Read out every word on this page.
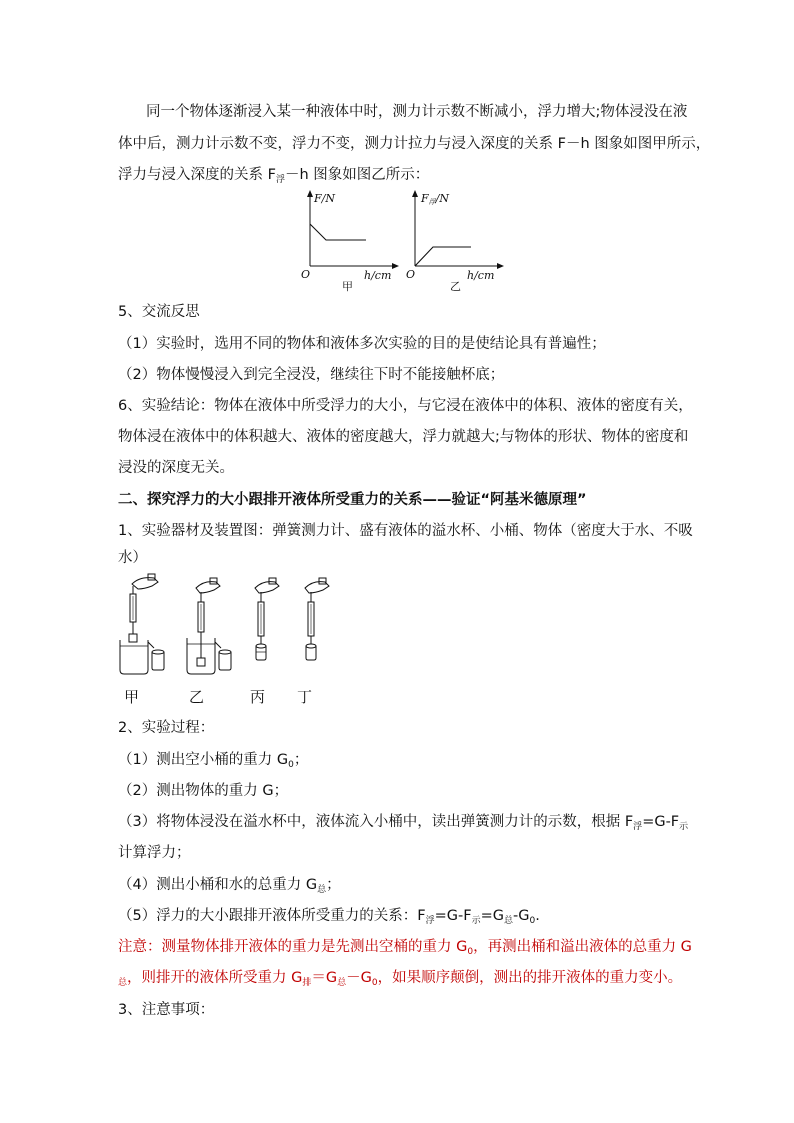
同一个物体逐渐浸入某一种液体中时，测力计示数不断减小，浮力增大;物体浸没在液
体中后，测力计示数不变，浮力不变，测力计拉力与浸入深度的关系 F－h 图象如图甲所示，
浮力与浸入深度的关系 $F_浮-h$ 图象如图乙所示：
F/N
O	h/cm
甲
F浮/N
O	h/cm
乙
5、交流反思
（1）实验时，选用不同的物体和液体多次实验的目的是使结论具有普遍性；
（2）物体慢慢浸入到完全浸没，继续往下时不能接触杯底；
6、实验结论：物体在液体中所受浮力的大小，与它浸在液体中的体积、液体的密度有关，
物体浸在液体中的体积越大、液体的密度越大，浮力就越大;与物体的形状、物体的密度和
浸没的深度无关。
二、探究浮力的大小跟排开液体所受重力的关系——验证“阿基米德原理”
1、实验器材及装置图：弹簧测力计、盛有液体的溢水杯、小桶、物体（密度大于水、不吸
水）
甲	乙	丙 丁
2、实验过程：
（1）测出空小桶的重力 $G_0$；
（2）测出物体的重力 G；
（3）将物体浸没在溢水杯中，液体流入小桶中，读出弹簧测力计的示数，根据 $F_浮=G-F_示$
计算浮力；
（4）测出小桶和水的总重力 $G_总$；
（5）浮力的大小跟排开液体所受重力的关系：$F_浮=G-F_示=G_总-G_0$.
注意：测量物体排开液体的重力是先测出空桶的重力 $G_0$，再测出桶和溢出液体的总重力 G
$_总$，则排开的液体所受重力 $G_排=G_总-G_0$，如果顺序颠倒，测出的排开液体的重力变小。
3、注意事项：
